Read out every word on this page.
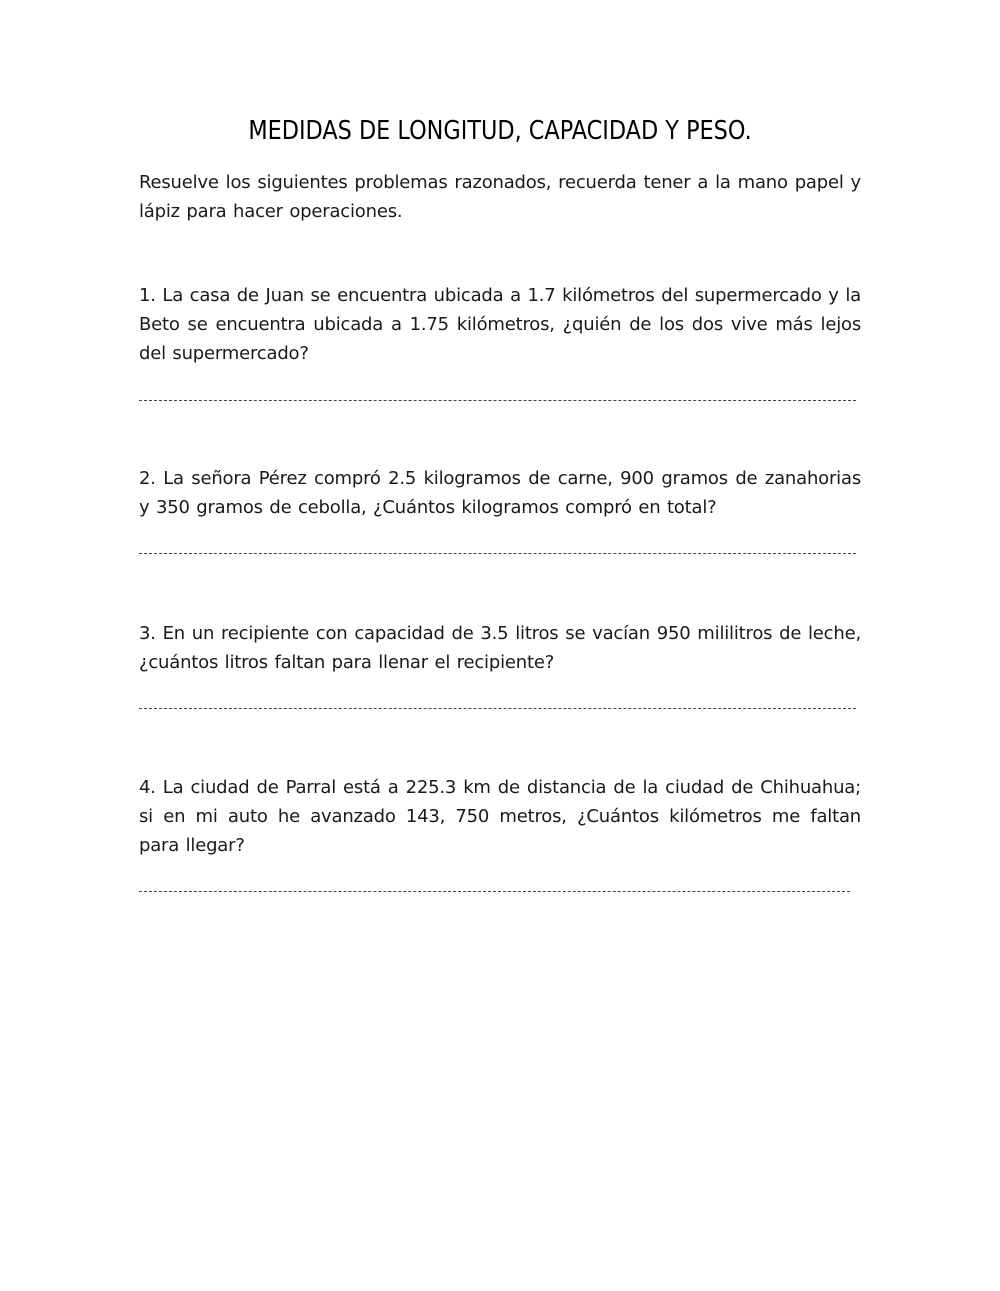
MEDIDAS DE LONGITUD, CAPACIDAD Y PESO.

Resuelve los siguientes problemas razonados, recuerda tener a la mano papel y lápiz para hacer operaciones.

1. La casa de Juan se encuentra ubicada a 1.7 kilómetros del supermercado y la Beto se encuentra ubicada a 1.75 kilómetros, ¿quién de los dos vive más lejos del supermercado?

2. La señora Pérez compró 2.5 kilogramos de carne, 900 gramos de zanahorias y 350 gramos de cebolla, ¿Cuántos kilogramos compró en total?

3. En un recipiente con capacidad de 3.5 litros se vacían 950 mililitros de leche, ¿cuántos litros faltan para llenar el recipiente?

4. La ciudad de Parral está a 225.3 km de distancia de la ciudad de Chihuahua; si en mi auto he avanzado 143, 750 metros, ¿Cuántos kilómetros me faltan para llegar?
